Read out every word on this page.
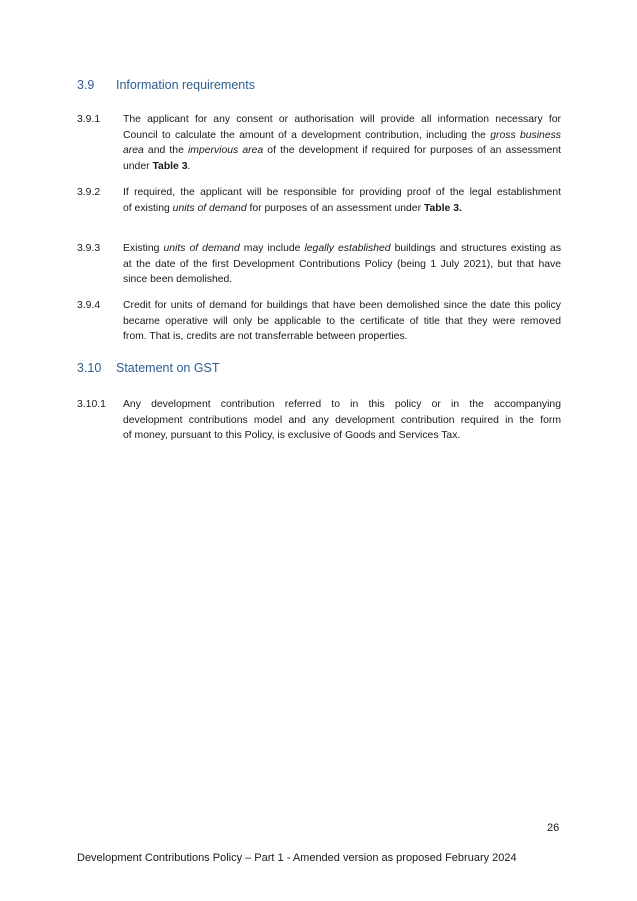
3.9	Information requirements
3.9.1	The applicant for any consent or authorisation will provide all information necessary for
Council to calculate the amount of a development contribution, including the gross business
area and the impervious area of the development if required for purposes of an assessment
under Table 3.
3.9.2	If required, the applicant will be responsible for providing proof of the legal establishment
of existing units of demand for purposes of an assessment under Table 3.
3.9.3	Existing units of demand may include legally established buildings and structures existing as
at the date of the first Development Contributions Policy (being 1 July 2021), but that have
since been demolished.
3.9.4	Credit for units of demand for buildings that have been demolished since the date this policy
became operative will only be applicable to the certificate of title that they were removed
from. That is, credits are not transferrable between properties.
3.10	Statement on GST
3.10.1	Any development contribution referred to in this policy or in the accompanying
development contributions model and any development contribution required in the form
of money, pursuant to this Policy, is exclusive of Goods and Services Tax.
26
Development Contributions Policy – Part 1 - Amended version as proposed February 2024
